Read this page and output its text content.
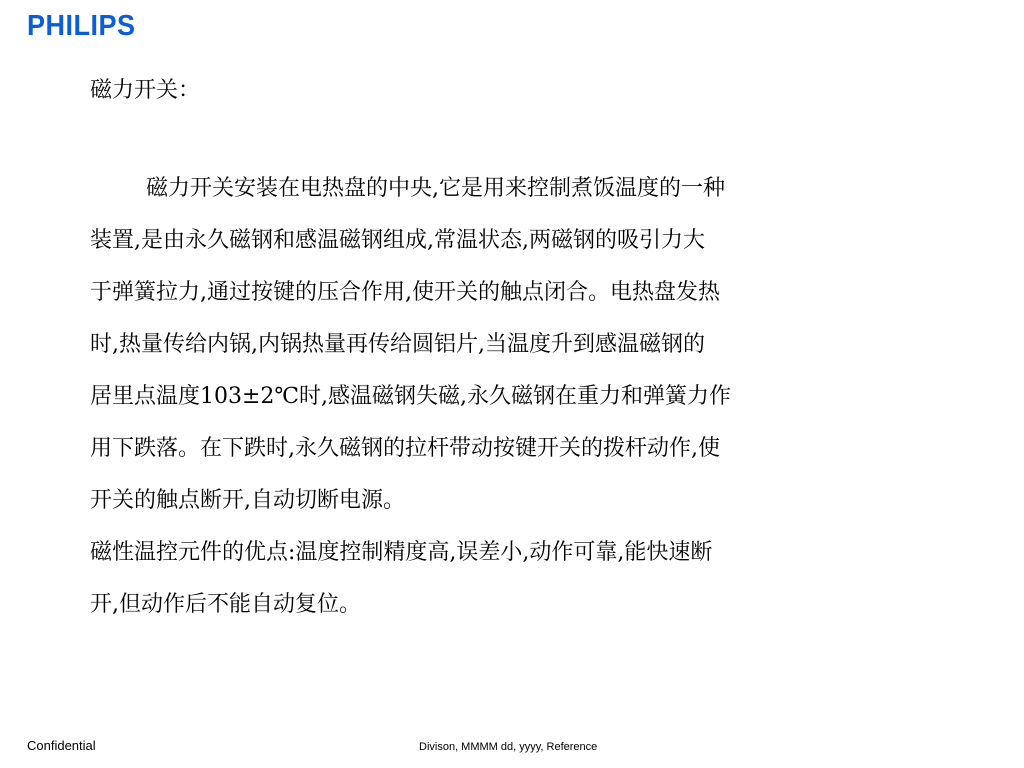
PHILIPS
磁力开关：
磁力开关安装在电热盘的中央,它是用来控制煮饭温度的一种
装置,是由永久磁钢和感温磁钢组成,常温状态,两磁钢的吸引力大
于弹簧拉力,通过按键的压合作用,使开关的触点闭合。电热盘发热
时,热量传给内锅,内锅热量再传给圆铝片,当温度升到感温磁钢的
居里点温度103±2℃时,感温磁钢失磁,永久磁钢在重力和弹簧力作
用下跌落。在下跌时,永久磁钢的拉杆带动按键开关的拨杆动作,使
开关的触点断开,自动切断电源。
磁性温控元件的优点:温度控制精度高,误差小,动作可靠,能快速断
开,但动作后不能自动复位。
Confidential	Divison, MMMM dd, yyyy, Reference
